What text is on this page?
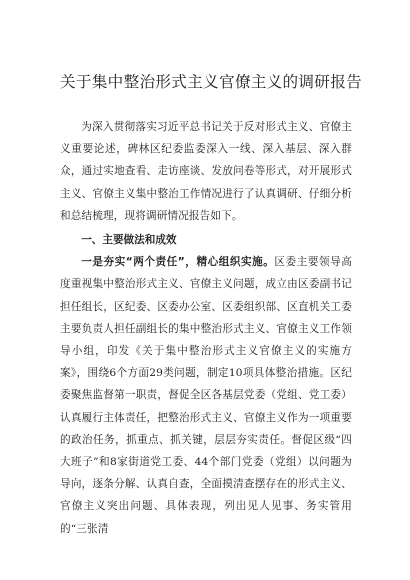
关于集中整治形式主义官僚主义的调研报告

为深入贯彻落实习近平总书记关于反对形式主义、官僚主义重要论述，碑林区纪委监委深入一线、深入基层、深入群众，通过实地查看、走访座谈、发放问卷等形式，对开展形式主义、官僚主义集中整治工作情况进行了认真调研、仔细分析和总结梳理，现将调研情况报告如下。

一、主要做法和成效

一是夯实“两个责任”，精心组织实施。区委主要领导高度重视集中整治形式主义、官僚主义问题，成立由区委副书记担任组长，区纪委、区委办公室、区委组织部、区直机关工委主要负责人担任副组长的集中整治形式主义、官僚主义工作领导小组，印发《关于集中整治形式主义官僚主义的实施方案》，围绕6个方面29类问题，制定10项具体整治措施。区纪委聚焦监督第一职责，督促全区各基层党委（党组、党工委）认真履行主体责任，把整治形式主义、官僚主义作为一项重要的政治任务，抓重点、抓关键，层层夯实责任。督促区级“四大班子”和8家街道党工委、44个部门党委（党组）以问题为导向，逐条分解、认真自查，全面摸清查摆存在的形式主义、官僚主义突出问题、具体表现，列出见人见事、务实管用的“三张清
